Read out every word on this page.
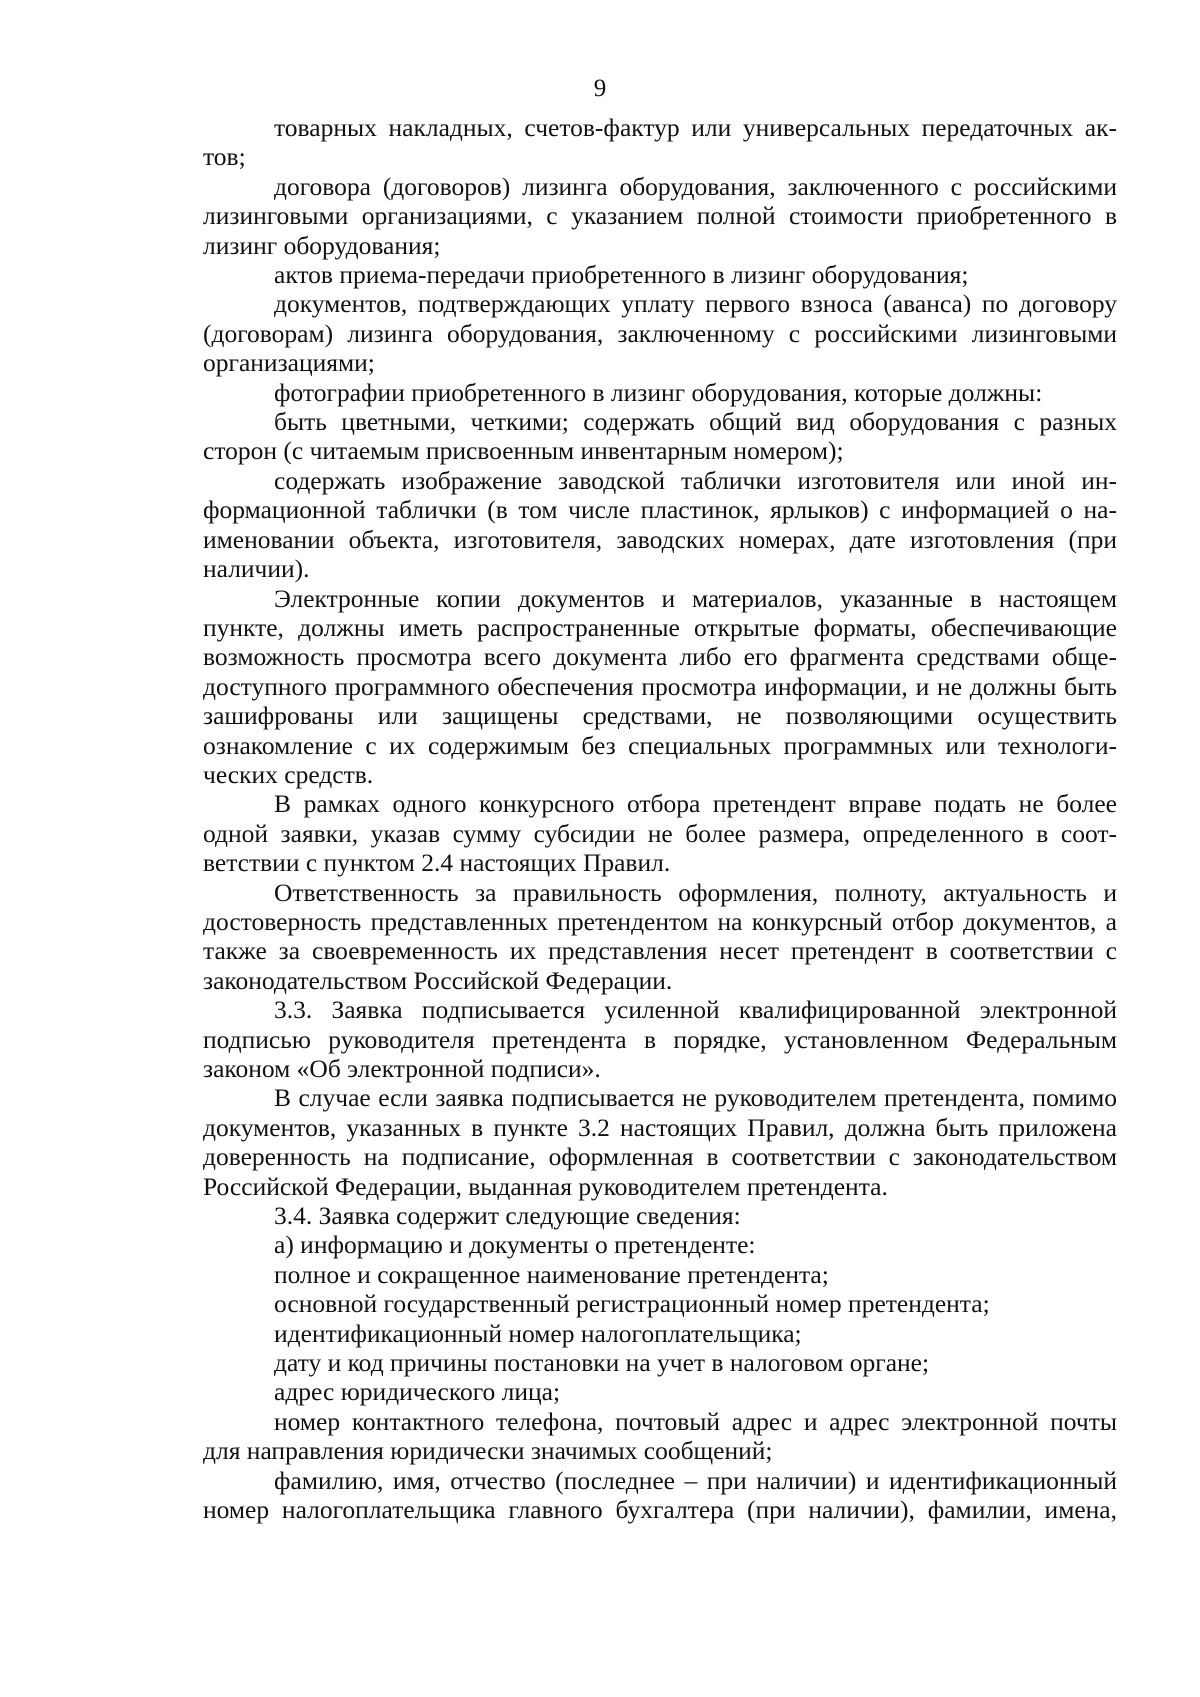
9

товарных накладных, счетов-фактур или универсальных передаточных актов;

договора (договоров) лизинга оборудования, заключенного с российскими лизинговыми организациями, с указанием полной стоимости приобретенного в лизинг оборудования;

актов приема-передачи приобретенного в лизинг оборудования;

документов, подтверждающих уплату первого взноса (аванса) по договору (договорам) лизинга оборудования, заключенному с российскими лизинговыми организациями;

фотографии приобретенного в лизинг оборудования, которые должны:

быть цветными, четкими; содержать общий вид оборудования с разных сторон (с читаемым присвоенным инвентарным номером);

содержать изображение заводской таблички изготовителя или иной информационной таблички (в том числе пластинок, ярлыков) с информацией о наименовании объекта, изготовителя, заводских номерах, дате изготовления (при наличии).

Электронные копии документов и материалов, указанные в настоящем пункте, должны иметь распространенные открытые форматы, обеспечивающие возможность просмотра всего документа либо его фрагмента средствами общедоступного программного обеспечения просмотра информации, и не должны быть зашифрованы или защищены средствами, не позволяющими осуществить ознакомление с их содержимым без специальных программных или технологических средств.

В рамках одного конкурсного отбора претендент вправе подать не более одной заявки, указав сумму субсидии не более размера, определенного в соответствии с пунктом 2.4 настоящих Правил.

Ответственность за правильность оформления, полноту, актуальность и достоверность представленных претендентом на конкурсный отбор документов, а также за своевременность их представления несет претендент в соответствии с законодательством Российской Федерации.

3.3. Заявка подписывается усиленной квалифицированной электронной подписью руководителя претендента в порядке, установленном Федеральным законом «Об электронной подписи».

В случае если заявка подписывается не руководителем претендента, помимо документов, указанных в пункте 3.2 настоящих Правил, должна быть приложена доверенность на подписание, оформленная в соответствии с законодательством Российской Федерации, выданная руководителем претендента.

3.4. Заявка содержит следующие сведения:

а) информацию и документы о претенденте:

полное и сокращенное наименование претендента;

основной государственный регистрационный номер претендента;

идентификационный номер налогоплательщика;

дату и код причины постановки на учет в налоговом органе;

адрес юридического лица;

номер контактного телефона, почтовый адрес и адрес электронной почты для направления юридически значимых сообщений;

фамилию, имя, отчество (последнее – при наличии) и идентификационный номер налогоплательщика главного бухгалтера (при наличии), фамилии, имена,
